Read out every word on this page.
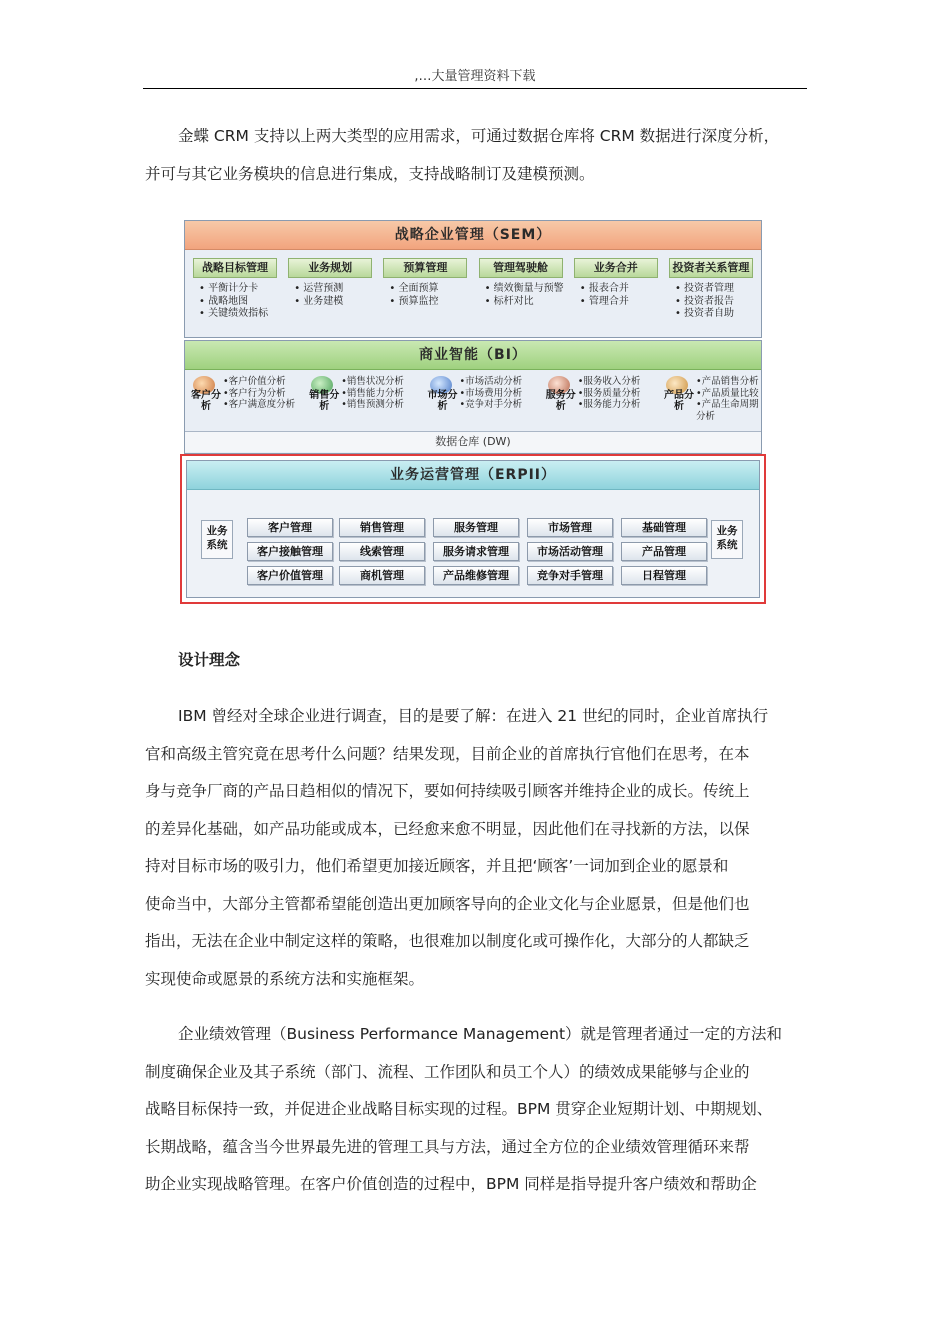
,…大量管理资料下载
金蝶 CRM 支持以上两大类型的应用需求，可通过数据仓库将 CRM 数据进行深度分析，
并可与其它业务模块的信息进行集成，支持战略制订及建模预测。
战略企业管理（SEM）
战略目标管理
• 平衡计分卡
• 战略地图
• 关键绩效指标
业务规划
• 运营预测
• 业务建模
预算管理
• 全面预算
• 预算监控
管理驾驶舱
• 绩效衡量与预警
• 标杆对比
业务合并
• 报表合并
• 管理合并
投资者关系管理
• 投资者管理
• 投资者报告
• 投资者自助
商业智能（BI）
客户分析
• 客户价值分析
• 客户行为分析
• 客户满意度分析
销售分析
• 销售状况分析
• 销售能力分析
• 销售预测分析
市场分析
• 市场活动分析
• 市场费用分析
• 竞争对手分析
服务分析
• 服务收入分析
• 服务质量分析
• 服务能力分析
产品分析
• 产品销售分析
• 产品质量比较
• 产品生命周期分析
数据仓库 (DW)
业务运营管理（ERPII）
业务系统
业务系统
客户管理	销售管理	服务管理	市场管理	基础管理
客户接触管理	线索管理	服务请求管理	市场活动管理	产品管理
客户价值管理	商机管理	产品维修管理	竞争对手管理	日程管理
设计理念
IBM 曾经对全球企业进行调查，目的是要了解：在进入 21 世纪的同时，企业首席执行
官和高级主管究竟在思考什么问题？结果发现，目前企业的首席执行官他们在思考，在本
身与竞争厂商的产品日趋相似的情况下，要如何持续吸引顾客并维持企业的成长。传统上
的差异化基础，如产品功能或成本，已经愈来愈不明显，因此他们在寻找新的方法，以保
持对目标市场的吸引力，他们希望更加接近顾客，并且把‘顾客’一词加到企业的愿景和
使命当中，大部分主管都希望能创造出更加顾客导向的企业文化与企业愿景，但是他们也
指出，无法在企业中制定这样的策略，也很难加以制度化或可操作化，大部分的人都缺乏
实现使命或愿景的系统方法和实施框架。
企业绩效管理（Business Performance Management）就是管理者通过一定的方法和
制度确保企业及其子系统（部门、流程、工作团队和员工个人）的绩效成果能够与企业的
战略目标保持一致，并促进企业战略目标实现的过程。BPM 贯穿企业短期计划、中期规划、
长期战略，蕴含当今世界最先进的管理工具与方法，通过全方位的企业绩效管理循环来帮
助企业实现战略管理。在客户价值创造的过程中，BPM 同样是指导提升客户绩效和帮助企
